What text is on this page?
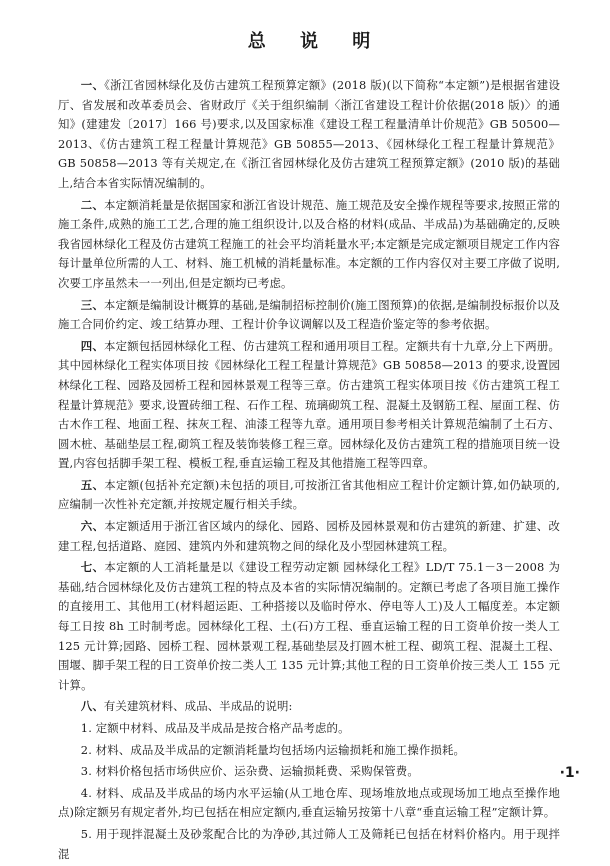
总 说 明

一、《浙江省园林绿化及仿古建筑工程预算定额》(2018 版)(以下简称“本定额”)是根据省建设厅、省发展和改革委员会、省财政厅《关于组织编制〈浙江省建设工程计价依据(2018 版)〉的通知》(建建发〔2017〕166 号)要求,以及国家标准《建设工程工程量清单计价规范》GB 50500—2013、《仿古建筑工程工程量计算规范》GB 50855—2013、《园林绿化工程工程量计算规范》GB 50858—2013 等有关规定,在《浙江省园林绿化及仿古建筑工程预算定额》(2010 版)的基础上,结合本省实际情况编制的。

二、本定额消耗量是依据国家和浙江省设计规范、施工规范及安全操作规程等要求,按照正常的施工条件,成熟的施工工艺,合理的施工组织设计,以及合格的材料(成品、半成品)为基础确定的,反映我省园林绿化工程及仿古建筑工程施工的社会平均消耗量水平;本定额是完成定额项目规定工作内容每计量单位所需的人工、材料、施工机械的消耗量标准。本定额的工作内容仅对主要工序做了说明,次要工序虽然未一一列出,但是定额均已考虑。

三、本定额是编制设计概算的基础,是编制招标控制价(施工图预算)的依据,是编制投标报价以及施工合同价约定、竣工结算办理、工程计价争议调解以及工程造价鉴定等的参考依据。

四、本定额包括园林绿化工程、仿古建筑工程和通用项目工程。定额共有十九章,分上下两册。其中园林绿化工程实体项目按《园林绿化工程工程量计算规范》GB 50858—2013 的要求,设置园林绿化工程、园路及园桥工程和园林景观工程等三章。仿古建筑工程实体项目按《仿古建筑工程工程量计算规范》要求,设置砖细工程、石作工程、琉璃砌筑工程、混凝土及钢筋工程、屋面工程、仿古木作工程、地面工程、抹灰工程、油漆工程等九章。通用项目参考相关计算规范编制了土石方、圆木桩、基础垫层工程,砌筑工程及装饰装修工程三章。园林绿化及仿古建筑工程的措施项目统一设置,内容包括脚手架工程、模板工程,垂直运输工程及其他措施工程等四章。

五、本定额(包括补充定额)未包括的项目,可按浙江省其他相应工程计价定额计算,如仍缺项的,应编制一次性补充定额,并按规定履行相关手续。

六、本定额适用于浙江省区域内的绿化、园路、园桥及园林景观和仿古建筑的新建、扩建、改建工程,包括道路、庭园、建筑内外和建筑物之间的绿化及小型园林建筑工程。

七、本定额的人工消耗量是以《建设工程劳动定额 园林绿化工程》LD/T 75.1－3－2008 为基础,结合园林绿化及仿古建筑工程的特点及本省的实际情况编制的。定额已考虑了各项目施工操作的直接用工、其他用工(材料超运距、工种搭接以及临时停水、停电等人工)及人工幅度差。本定额每工日按 8h 工时制考虑。园林绿化工程、土(石)方工程、垂直运输工程的日工资单价按一类人工 125 元计算;园路、园桥工程、园林景观工程,基础垫层及打圆木桩工程、砌筑工程、混凝土工程、围堰、脚手架工程的日工资单价按二类人工 135 元计算;其他工程的日工资单价按三类人工 155 元计算。

八、有关建筑材料、成品、半成品的说明:

1. 定额中材料、成品及半成品是按合格产品考虑的。

2. 材料、成品及半成品的定额消耗量均包括场内运输损耗和施工操作损耗。

3. 材料价格包括市场供应价、运杂费、运输损耗费、采购保管费。

4. 材料、成品及半成品的场内水平运输(从工地仓库、现场堆放地点或现场加工地点至操作地点)除定额另有规定者外,均已包括在相应定额内,垂直运输另按第十八章“垂直运输工程”定额计算。

5. 用于现拌混凝土及砂浆配合比的为净砂,其过筛人工及筛耗已包括在材料价格内。用于现拌混

·1·
